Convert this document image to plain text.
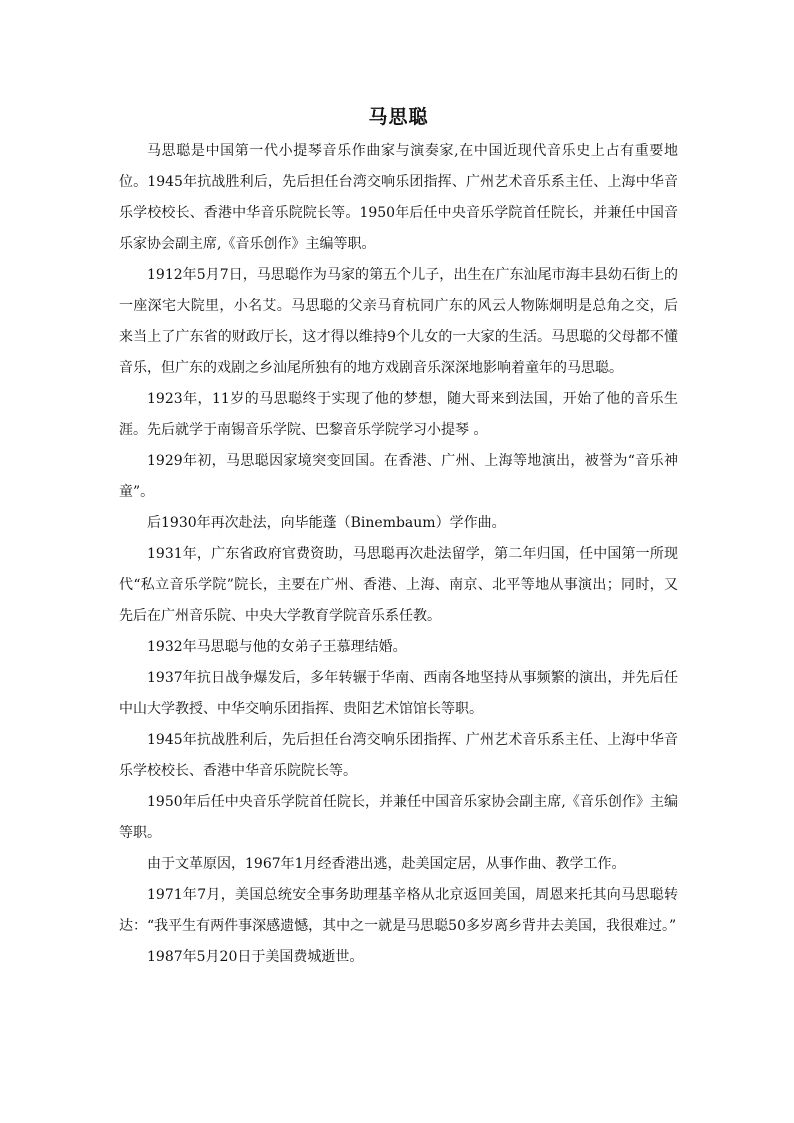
马思聪

马思聪是中国第一代小提琴音乐作曲家与演奏家,在中国近现代音乐史上占有重要地位。1945年抗战胜利后，先后担任台湾交响乐团指挥、广州艺术音乐系主任、上海中华音乐学校校长、香港中华音乐院院长等。1950年后任中央音乐学院首任院长，并兼任中国音乐家协会副主席,《音乐创作》主编等职。

1912年5月7日，马思聪作为马家的第五个儿子，出生在广东汕尾市海丰县幼石街上的一座深宅大院里，小名艾。马思聪的父亲马育杭同广东的风云人物陈炯明是总角之交，后来当上了广东省的财政厅长，这才得以维持9个儿女的一大家的生活。马思聪的父母都不懂音乐，但广东的戏剧之乡汕尾所独有的地方戏剧音乐深深地影响着童年的马思聪。

1923年，11岁的马思聪终于实现了他的梦想，随大哥来到法国，开始了他的音乐生涯。先后就学于南锡音乐学院、巴黎音乐学院学习小提琴 。

1929年初，马思聪因家境突变回国。在香港、广州、上海等地演出，被誉为“音乐神童”。

后1930年再次赴法，向毕能蓬（Binembaum）学作曲。

1931年，广东省政府官费资助，马思聪再次赴法留学，第二年归国，任中国第一所现代“私立音乐学院”院长，主要在广州、香港、上海、南京、北平等地从事演出；同时，又先后在广州音乐院、中央大学教育学院音乐系任教。

1932年马思聪与他的女弟子王慕理结婚。

1937年抗日战争爆发后，多年转辗于华南、西南各地坚持从事频繁的演出，并先后任中山大学教授、中华交响乐团指挥、贵阳艺术馆馆长等职。

1945年抗战胜利后，先后担任台湾交响乐团指挥、广州艺术音乐系主任、上海中华音乐学校校长、香港中华音乐院院长等。

1950年后任中央音乐学院首任院长，并兼任中国音乐家协会副主席,《音乐创作》主编等职。

由于文革原因，1967年1月经香港出逃，赴美国定居，从事作曲、教学工作。

1971年7月，美国总统安全事务助理基辛格从北京返回美国，周恩来托其向马思聪转达：“我平生有两件事深感遗憾，其中之一就是马思聪50多岁离乡背井去美国，我很难过。”

1987年5月20日于美国费城逝世。
